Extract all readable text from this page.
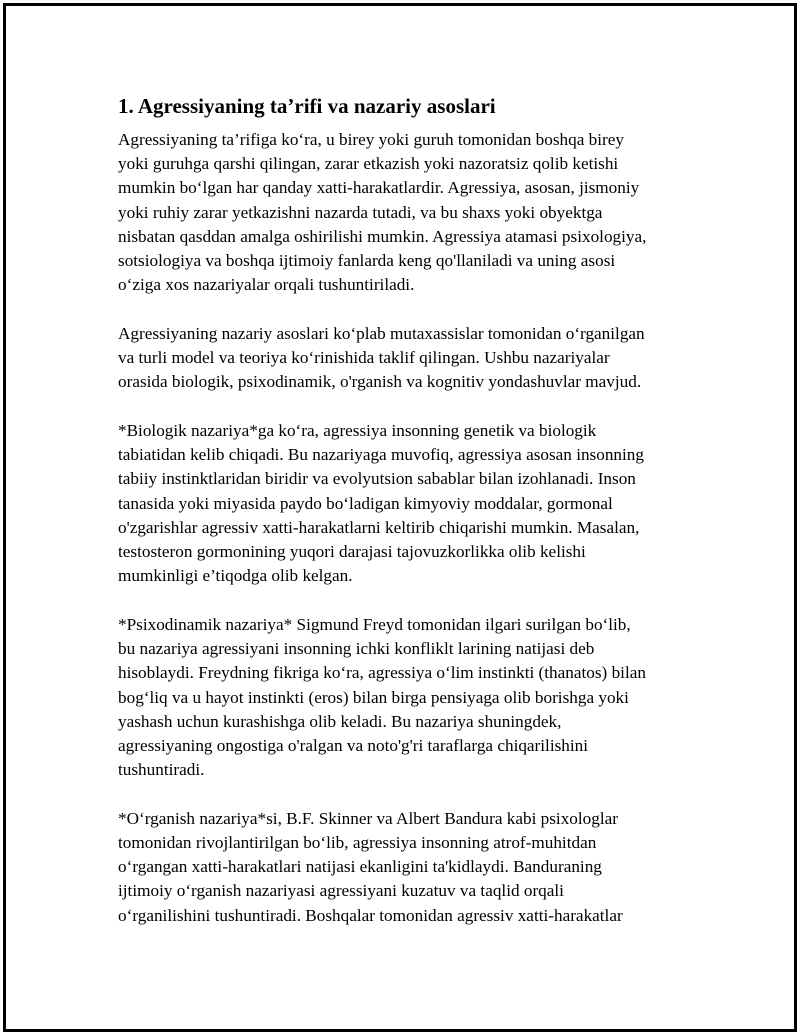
1. Agressiyaning ta’rifi va nazariy asoslari

Agressiyaning ta’rifiga koʻra, u birey yoki guruh tomonidan boshqa birey
yoki guruhga qarshi qilingan, zarar etkazish yoki nazoratsiz qolib ketishi
mumkin boʻlgan har qanday xatti-harakatlardir. Agressiya, asosan, jismoniy
yoki ruhiy zarar yetkazishni nazarda tutadi, va bu shaxs yoki obyektga
nisbatan qasddan amalga oshirilishi mumkin. Agressiya atamasi psixologiya,
sotsiologiya va boshqa ijtimoiy fanlarda keng qo'llaniladi va uning asosi
oʻziga xos nazariyalar orqali tushuntiriladi.

Agressiyaning nazariy asoslari koʻplab mutaxassislar tomonidan oʻrganilgan
va turli model va teoriya koʻrinishida taklif qilingan. Ushbu nazariyalar
orasida biologik, psixodinamik, o'rganish va kognitiv yondashuvlar mavjud.

*Biologik nazariya*ga koʻra, agressiya insonning genetik va biologik
tabiatidan kelib chiqadi. Bu nazariyaga muvofiq, agressiya asosan insonning
tabiiy instinktlaridan biridir va evolyutsion sabablar bilan izohlanadi. Inson
tanasida yoki miyasida paydo boʻladigan kimyoviy moddalar, gormonal
o'zgarishlar agressiv xatti-harakatlarni keltirib chiqarishi mumkin. Masalan,
testosteron gormonining yuqori darajasi tajovuzkorlikka olib kelishi
mumkinligi e’tiqodga olib kelgan.

*Psixodinamik nazariya* Sigmund Freyd tomonidan ilgari surilgan boʻlib,
bu nazariya agressiyani insonning ichki konfliklt larining natijasi deb
hisoblaydi. Freydning fikriga koʻra, agressiya oʻlim instinkti (thanatos) bilan
bogʻliq va u hayot instinkti (eros) bilan birga pensiyaga olib borishga yoki
yashash uchun kurashishga olib keladi. Bu nazariya shuningdek,
agressiyaning ongostiga o'ralgan va noto'g'ri taraflarga chiqarilishini
tushuntiradi.

*Oʻrganish nazariya*si, B.F. Skinner va Albert Bandura kabi psixologlar
tomonidan rivojlantirilgan boʻlib, agressiya insonning atrof-muhitdan
oʻrgangan xatti-harakatlari natijasi ekanligini ta'kidlaydi. Banduraning
ijtimoiy oʻrganish nazariyasi agressiyani kuzatuv va taqlid orqali
oʻrganilishini tushuntiradi. Boshqalar tomonidan agressiv xatti-harakatlar
